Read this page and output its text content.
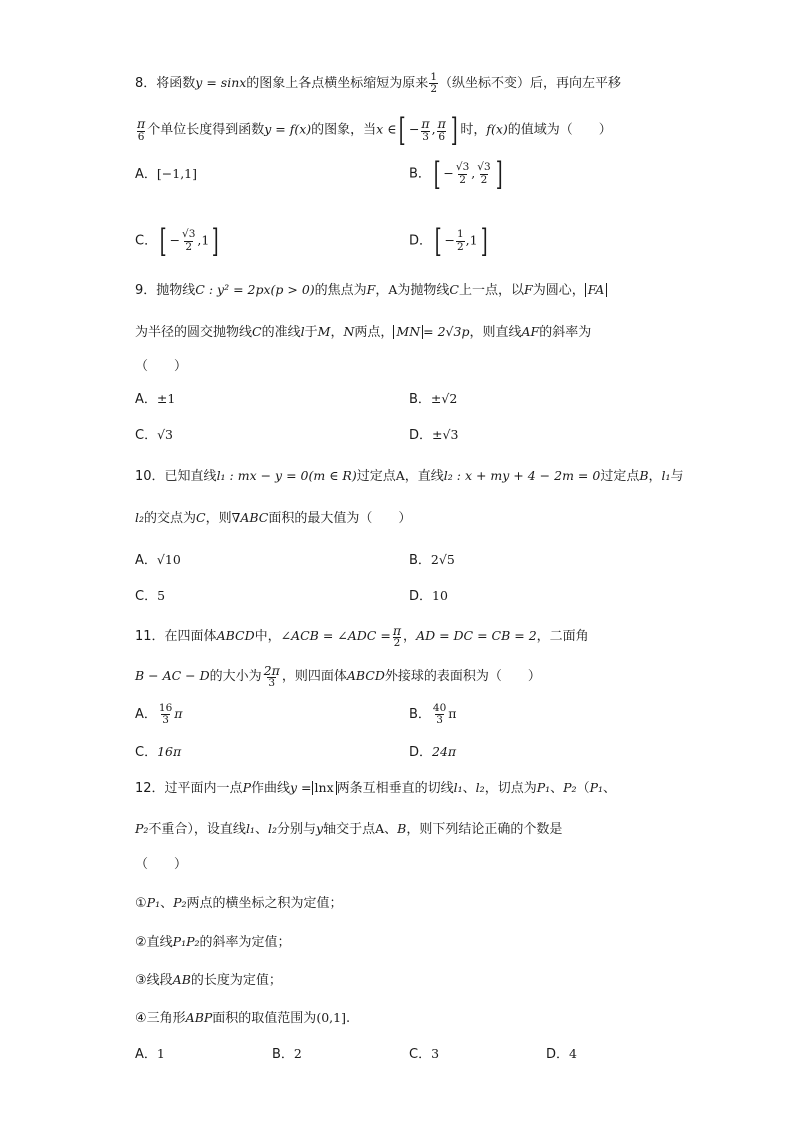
8．将函数y = sinx的图象上各点横坐标缩短为原来 $\frac{1}{2}$ （纵坐标不变）后，再向左平移
$\frac{\pi}{6}$ 个单位长度得到函数y = f(x)的图象，当x ∈[ − $\frac{\pi}{3}$ , $\frac{\pi}{6}$ ] 时，f(x)的值域为（　　）
A．[−1,1]	B．[ − $\frac{√3}{2}$ , $\frac{√3}{2}$ ]
C．[ − $\frac{√3}{2} ,1$]	D．[ − $\frac{1}{2} ,1$]
9．抛物线C : y² = 2px(p > 0)的焦点为F，A为抛物线C上一点，以F为圆心， FA
为半径的圆交抛物线C的准线l于M，N两点， MN = 2√3p，则直线AF的斜率为
（　　）
A．±1	B．±√2
C．√3	D．±√3
10．已知直线l₁ : mx − y = 0(m ∈ R)过定点A，直线l₂ : x + my + 4 − 2m = 0过定点B，l₁与
l₂的交点为C，则∇ABC面积的最大值为（　　）
A．√10	B．2√5
C．5	D．10
11．在四面体ABCD中，∠ACB = ∠ADC = $\frac{\pi}{2}$ ，AD = DC = CB = 2，二面角
B − AC − D的大小为 $\frac{2\pi}{3}$ ，则四面体ABCD外接球的表面积为（　　）
A． $\frac{16}{3}$ π	B． $\frac{40}{3}$ π
C．16π	D．24π
12．过平面内一点P作曲线y = lnx 两条互相垂直的切线l₁、l₂，切点为P₁、P₂（P₁、
P₂不重合），设直线l₁、l₂分别与y轴交于点A、B，则下列结论正确的个数是
（　　）
①P₁、P₂两点的横坐标之积为定值；
②直线P₁P₂的斜率为定值；
③线段AB的长度为定值；
④三角形ABP面积的取值范围为(0,1].
A．1	B．2	C．3	D．4
